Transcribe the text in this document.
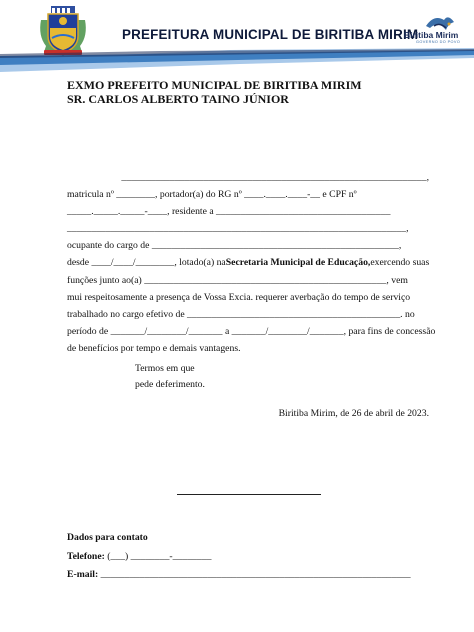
PREFEITURA MUNICIPAL DE BIRITIBA MIRIM
Biritiba Mirim
GOVERNO DO POVO
EXMO PREFEITO MUNICIPAL DE BIRITIBA MIRIM
SR. CARLOS ALBERTO TAINO JÚNIOR
_______________________________________________________________,
matricula nº ________, portador(a) do RG nº ____.____.____-__ e CPF nº
_____._____._____-____, residente a ____________________________________
______________________________________________________________________,
ocupante do cargo de ___________________________________________________,
desde ____/____/________, lotado(a) na Secretaria Municipal de Educação, exercendo suas
funções junto ao(a) __________________________________________________, vem
mui respeitosamente a presença de Vossa Excia. requerer averbação do tempo de serviço
trabalhado no cargo efetivo de ____________________________________________. no
período de _______/________/_______ a _______/________/_______, para fins de concessão
de benefícios por tempo e demais vantagens.
Termos em que
pede deferimento.
Biritiba Mirim, de 26 de abril de 2023.
Dados para contato
Telefone: (___) ________-________
E-mail: ________________________________________________________________
